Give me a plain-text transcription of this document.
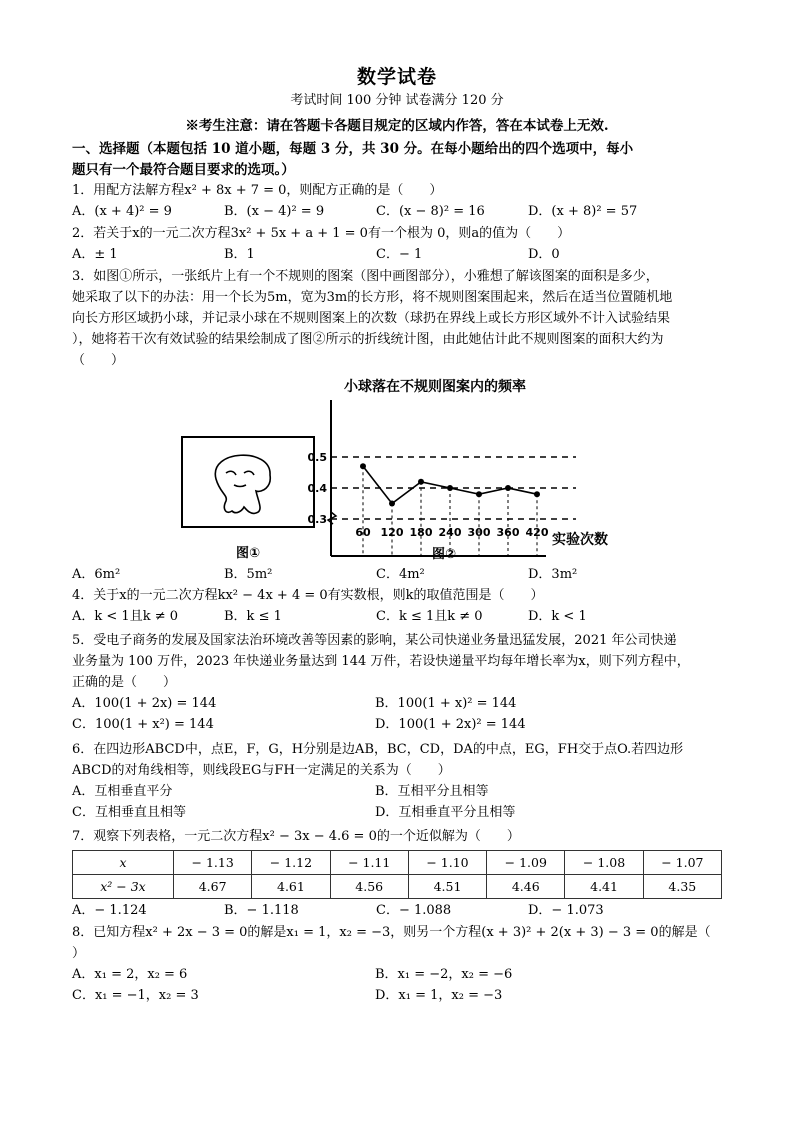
数学试卷
考试时间 100 分钟 试卷满分 120 分
※考生注意：请在答题卡各题目规定的区域内作答，答在本试卷上无效.
一、选择题（本题包括 10 道小题，每题 3 分，共 30 分。在每小题给出的四个选项中，每小
题只有一个最符合题目要求的选项。）
1．用配方法解方程x² + 8x + 7 = 0，则配方正确的是（　　）
A．(x + 4)² = 9	B．(x − 4)² = 9	C．(x − 8)² = 16	D．(x + 8)² = 57
2．若关于x的一元二次方程3x² + 5x + a + 1 = 0有一个根为 0，则a的值为（　　）
A．± 1	B．1	C．− 1	D．0
3．如图①所示，一张纸片上有一个不规则的图案（图中画图部分），小雅想了解该图案的面积是多少，
她采取了以下的办法：用一个长为5m，宽为3m的长方形，将不规则图案围起来，然后在适当位置随机地
向长方形区域扔小球，并记录小球在不规则图案上的次数（球扔在界线上或长方形区域外不计入试验结果
），她将若干次有效试验的结果绘制成了图②所示的折线统计图，由此她估计此不规则图案的面积大约为
（　　）
图①
小球落在不规则图案内的频率
实验次数
0.5
0.4
0.3
60 120 180 240 300 360 420
图②
A．6m²	B．5m²	C．4m²	D．3m²
4．关于x的一元二次方程kx² − 4x + 4 = 0有实数根，则k的取值范围是（　　）
A．k < 1且k ≠ 0	B．k ≤ 1	C．k ≤ 1且k ≠ 0	D．k < 1
5．受电子商务的发展及国家法治环境改善等因素的影响，某公司快递业务量迅猛发展，2021 年公司快递
业务量为 100 万件，2023 年快递业务量达到 144 万件，若设快递量平均每年增长率为x，则下列方程中，
正确的是（　　）
A．100(1 + 2x) = 144	B．100(1 + x)² = 144
C．100(1 + x²) = 144	D．100(1 + 2x)² = 144
6．在四边形ABCD中，点E，F，G，H分别是边AB，BC，CD，DA的中点，EG，FH交于点O.若四边形
ABCD的对角线相等，则线段EG与FH一定满足的关系为（　　）
A．互相垂直平分	B．互相平分且相等
C．互相垂直且相等	D．互相垂直平分且相等
7．观察下列表格，一元二次方程x² − 3x − 4.6 = 0的一个近似解为（　　）
x	− 1.13	− 1.12	− 1.11	− 1.10	− 1.09	− 1.08	− 1.07
x² − 3x	4.67	4.61	4.56	4.51	4.46	4.41	4.35
A．− 1.124	B．− 1.118	C．− 1.088	D．− 1.073
8．已知方程x² + 2x − 3 = 0的解是x₁ = 1，x₂ = −3，则另一个方程(x + 3)² + 2(x + 3) − 3 = 0的解是（
）
A．x₁ = 2，x₂ = 6	B．x₁ = −2，x₂ = −6
C．x₁ = −1，x₂ = 3	D．x₁ = 1，x₂ = −3
